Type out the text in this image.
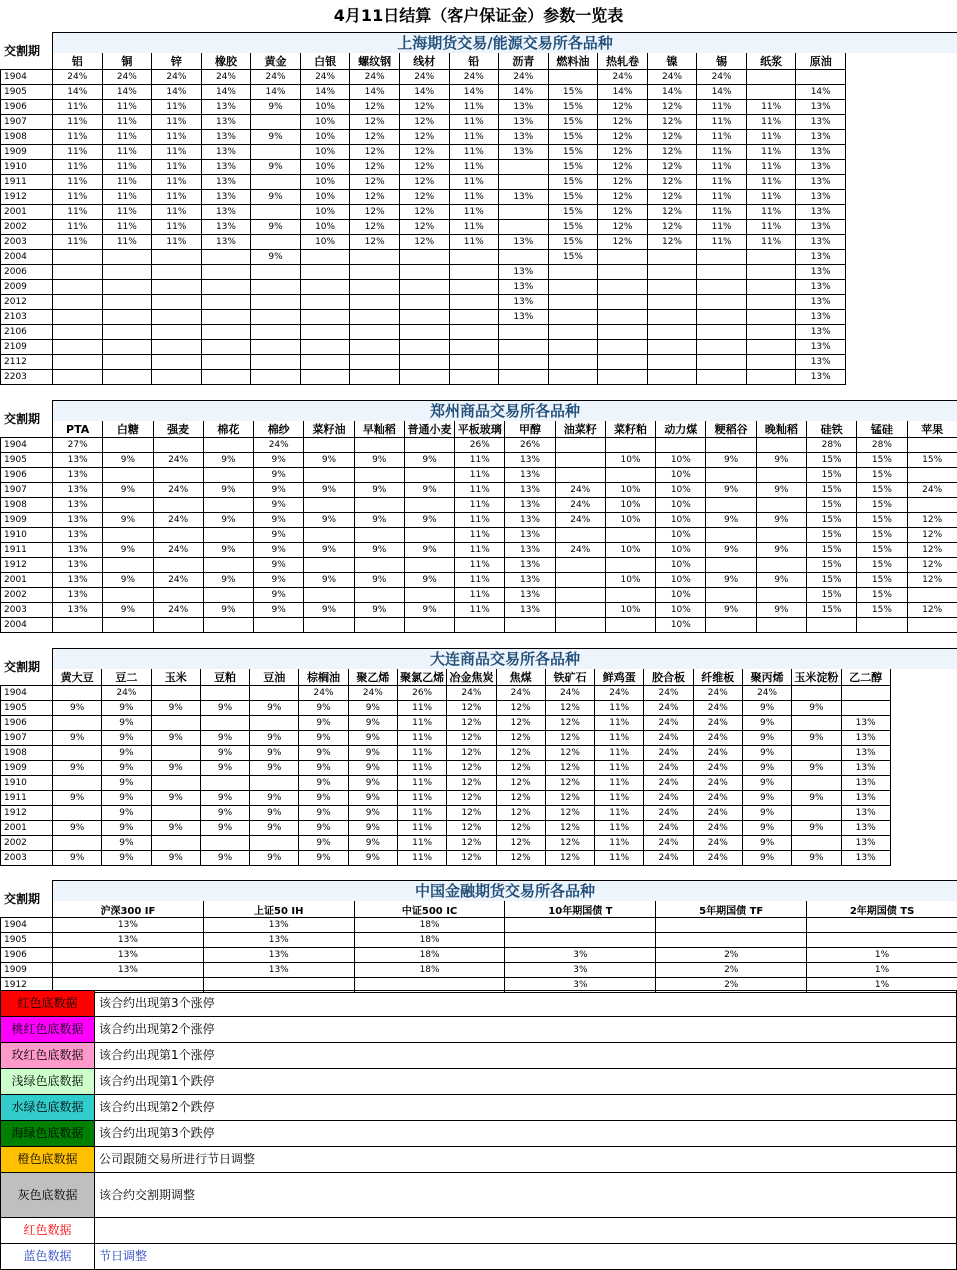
4月11日结算（客户保证金）参数一览表
交割期	上海期货交易/能源交易所各品种
	铝	铜	锌	橡胶	黄金	白银	螺纹钢	线材	铅	沥青	燃料油	热轧卷	镍	锡	纸浆	原油
1904	24%	24%	24%	24%	24%	24%	24%	24%	24%	24%		24%	24%	24%		
1905	14%	14%	14%	14%	14%	14%	14%	14%	14%	14%	15%	14%	14%	14%		14%
1906	11%	11%	11%	13%	9%	10%	12%	12%	11%	13%	15%	12%	12%	11%	11%	13%
1907	11%	11%	11%	13%		10%	12%	12%	11%	13%	15%	12%	12%	11%	11%	13%
1908	11%	11%	11%	13%	9%	10%	12%	12%	11%	13%	15%	12%	12%	11%	11%	13%
1909	11%	11%	11%	13%		10%	12%	12%	11%	13%	15%	12%	12%	11%	11%	13%
1910	11%	11%	11%	13%	9%	10%	12%	12%	11%		15%	12%	12%	11%	11%	13%
1911	11%	11%	11%	13%		10%	12%	12%	11%		15%	12%	12%	11%	11%	13%
1912	11%	11%	11%	13%	9%	10%	12%	12%	11%	13%	15%	12%	12%	11%	11%	13%
2001	11%	11%	11%	13%		10%	12%	12%	11%		15%	12%	12%	11%	11%	13%
2002	11%	11%	11%	13%	9%	10%	12%	12%	11%		15%	12%	12%	11%	11%	13%
2003	11%	11%	11%	13%		10%	12%	12%	11%	13%	15%	12%	12%	11%	11%	13%
2004					9%						15%					13%
2006										13%						13%
2009										13%						13%
2012										13%						13%
2103										13%						13%
2106																13%
2109																13%
2112																13%
2203																13%
交割期	郑州商品交易所各品种
	PTA	白糖	强麦	棉花	棉纱	菜籽油	早籼稻	普通小麦	平板玻璃	甲醇	油菜籽	菜籽粕	动力煤	粳稻谷	晚籼稻	硅铁	锰硅	苹果
1904	27%				24%				26%	26%						28%	28%	
1905	13%	9%	24%	9%	9%	9%	9%	9%	11%	13%		10%	10%	9%	9%	15%	15%	15%
1906	13%				9%				11%	13%			10%			15%	15%	
1907	13%	9%	24%	9%	9%	9%	9%	9%	11%	13%	24%	10%	10%	9%	9%	15%	15%	24%
1908	13%				9%				11%	13%	24%	10%	10%			15%	15%	
1909	13%	9%	24%	9%	9%	9%	9%	9%	11%	13%	24%	10%	10%	9%	9%	15%	15%	12%
1910	13%				9%				11%	13%			10%			15%	15%	12%
1911	13%	9%	24%	9%	9%	9%	9%	9%	11%	13%	24%	10%	10%	9%	9%	15%	15%	12%
1912	13%				9%				11%	13%			10%			15%	15%	12%
2001	13%	9%	24%	9%	9%	9%	9%	9%	11%	13%		10%	10%	9%	9%	15%	15%	12%
2002	13%				9%				11%	13%			10%			15%	15%	
2003	13%	9%	24%	9%	9%	9%	9%	9%	11%	13%		10%	10%	9%	9%	15%	15%	12%
2004													10%					
交割期	大连商品交易所各品种
	黄大豆	豆二	玉米	豆粕	豆油	棕榈油	聚乙烯	聚氯乙烯	冶金焦炭	焦煤	铁矿石	鲜鸡蛋	胶合板	纤维板	聚丙烯	玉米淀粉	乙二醇
1904		24%				24%	24%	26%	24%	24%	24%	24%	24%	24%	24%		
1905	9%	9%	9%	9%	9%	9%	9%	11%	12%	12%	12%	11%	24%	24%	9%	9%	
1906		9%				9%	9%	11%	12%	12%	12%	11%	24%	24%	9%		13%
1907	9%	9%	9%	9%	9%	9%	9%	11%	12%	12%	12%	11%	24%	24%	9%	9%	13%
1908		9%		9%	9%	9%	9%	11%	12%	12%	12%	11%	24%	24%	9%		13%
1909	9%	9%	9%	9%	9%	9%	9%	11%	12%	12%	12%	11%	24%	24%	9%	9%	13%
1910		9%				9%	9%	11%	12%	12%	12%	11%	24%	24%	9%		13%
1911	9%	9%	9%	9%	9%	9%	9%	11%	12%	12%	12%	11%	24%	24%	9%	9%	13%
1912		9%		9%	9%	9%	9%	11%	12%	12%	12%	11%	24%	24%	9%		13%
2001	9%	9%	9%	9%	9%	9%	9%	11%	12%	12%	12%	11%	24%	24%	9%	9%	13%
2002		9%				9%	9%	11%	12%	12%	12%	11%	24%	24%	9%		13%
2003	9%	9%	9%	9%	9%	9%	9%	11%	12%	12%	12%	11%	24%	24%	9%	9%	13%
交割期	中国金融期货交易所各品种
	沪深300 IF	上证50 IH	中证500 IC	10年期国债 T	5年期国债 TF	2年期国债 TS
1904	13%	13%	18%			
1905	13%	13%	18%			
1906	13%	13%	18%	3%	2%	1%
1909	13%	13%	18%	3%	2%	1%
1912				3%	2%	1%
红色底数据	该合约出现第3个涨停
桃红色底数据	该合约出现第2个涨停
玫红色底数据	该合约出现第1个涨停
浅绿色底数据	该合约出现第1个跌停
水绿色底数据	该合约出现第2个跌停
海绿色底数据	该合约出现第3个跌停
橙色底数据	公司跟随交易所进行节日调整
灰色底数据	该合约交割期调整
红色数据	
蓝色数据	节日调整
